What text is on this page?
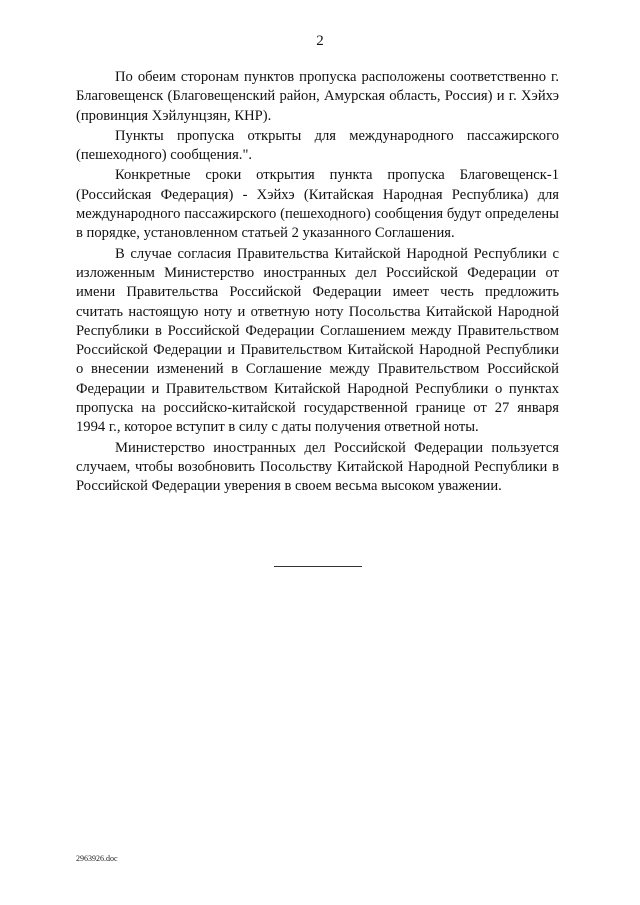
2

По обеим сторонам пунктов пропуска расположены соответственно г. Благовещенск (Благовещенский район, Амурская область, Россия) и г. Хэйхэ (провинция Хэйлунцзян, КНР).

Пункты пропуска открыты для международного пассажирского (пешеходного) сообщения.".

Конкретные сроки открытия пункта пропуска Благовещенск-1 (Российская Федерация) - Хэйхэ (Китайская Народная Республика) для международного пассажирского (пешеходного) сообщения будут определены в порядке, установленном статьей 2 указанного Соглашения.

В случае согласия Правительства Китайской Народной Республики с изложенным Министерство иностранных дел Российской Федерации от имени Правительства Российской Федерации имеет честь предложить считать настоящую ноту и ответную ноту Посольства Китайской Народной Республики в Российской Федерации Соглашением между Правительством Российской Федерации и Правительством Китайской Народной Республики о внесении изменений в Соглашение между Правительством Российской Федерации и Правительством Китайской Народной Республики о пунктах пропуска на российско-китайской государственной границе от 27 января 1994 г., которое вступит в силу с даты получения ответной ноты.

Министерство иностранных дел Российской Федерации пользуется случаем, чтобы возобновить Посольству Китайской Народной Республики в Российской Федерации уверения в своем весьма высоком уважении.

2963926.doc
